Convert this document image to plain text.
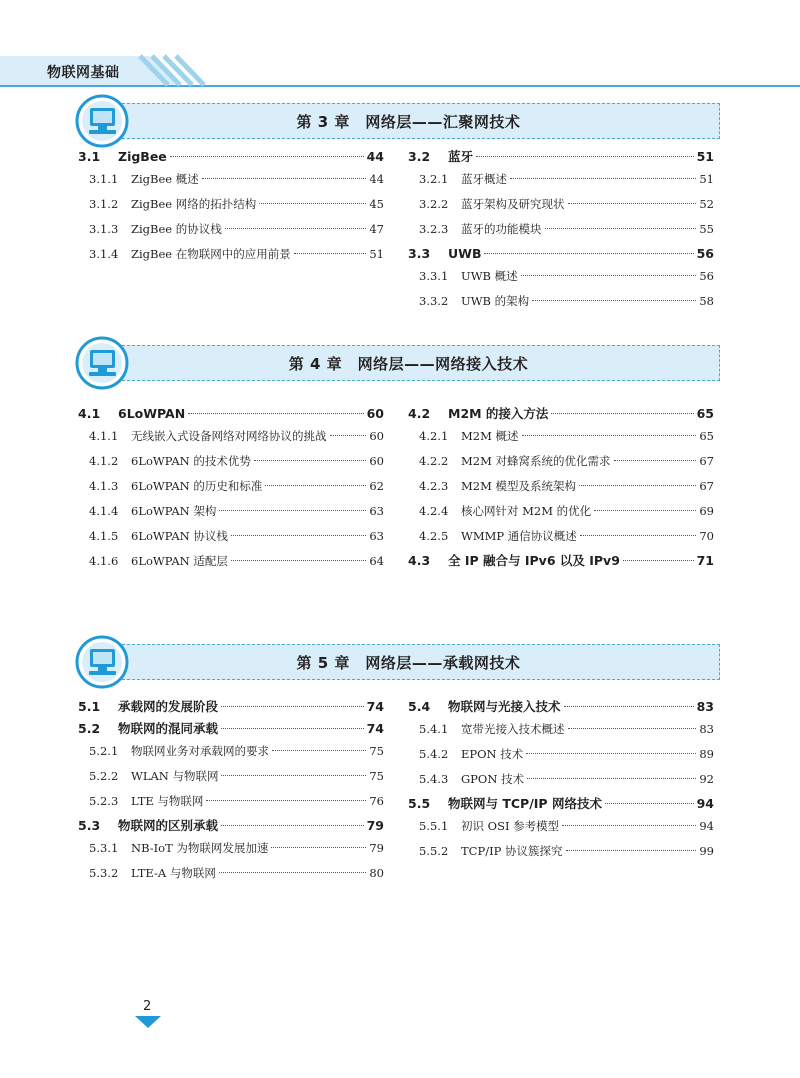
物联网基础
第 3 章　网络层——汇聚网技术
3.1	ZigBee	44
3.1.1	ZigBee 概述	44
3.1.2	ZigBee 网络的拓扑结构	45
3.1.3	ZigBee 的协议栈	47
3.1.4	ZigBee 在物联网中的应用前景	51
3.2	蓝牙	51
3.2.1	蓝牙概述	51
3.2.2	蓝牙架构及研究现状	52
3.2.3	蓝牙的功能模块	55
3.3	UWB	56
3.3.1	UWB 概述	56
3.3.2	UWB 的架构	58
第 4 章　网络层——网络接入技术
4.1	6LoWPAN	60
4.1.1	无线嵌入式设备网络对网络协议的挑战	60
4.1.2	6LoWPAN 的技术优势	60
4.1.3	6LoWPAN 的历史和标准	62
4.1.4	6LoWPAN 架构	63
4.1.5	6LoWPAN 协议栈	63
4.1.6	6LoWPAN 适配层	64
4.2	M2M 的接入方法	65
4.2.1	M2M 概述	65
4.2.2	M2M 对蜂窝系统的优化需求	67
4.2.3	M2M 模型及系统架构	67
4.2.4	核心网针对 M2M 的优化	69
4.2.5	WMMP 通信协议概述	70
4.3	全 IP 融合与 IPv6 以及 IPv9	71
第 5 章　网络层——承载网技术
5.1	承载网的发展阶段	74
5.2	物联网的混同承载	74
5.2.1	物联网业务对承载网的要求	75
5.2.2	WLAN 与物联网	75
5.2.3	LTE 与物联网	76
5.3	物联网的区别承载	79
5.3.1	NB-IoT 为物联网发展加速	79
5.3.2	LTE-A 与物联网	80
5.4	物联网与光接入技术	83
5.4.1	宽带光接入技术概述	83
5.4.2	EPON 技术	89
5.4.3	GPON 技术	92
5.5	物联网与 TCP/IP 网络技术	94
5.5.1	初识 OSI 参考模型	94
5.5.2	TCP/IP 协议簇探究	99
2
